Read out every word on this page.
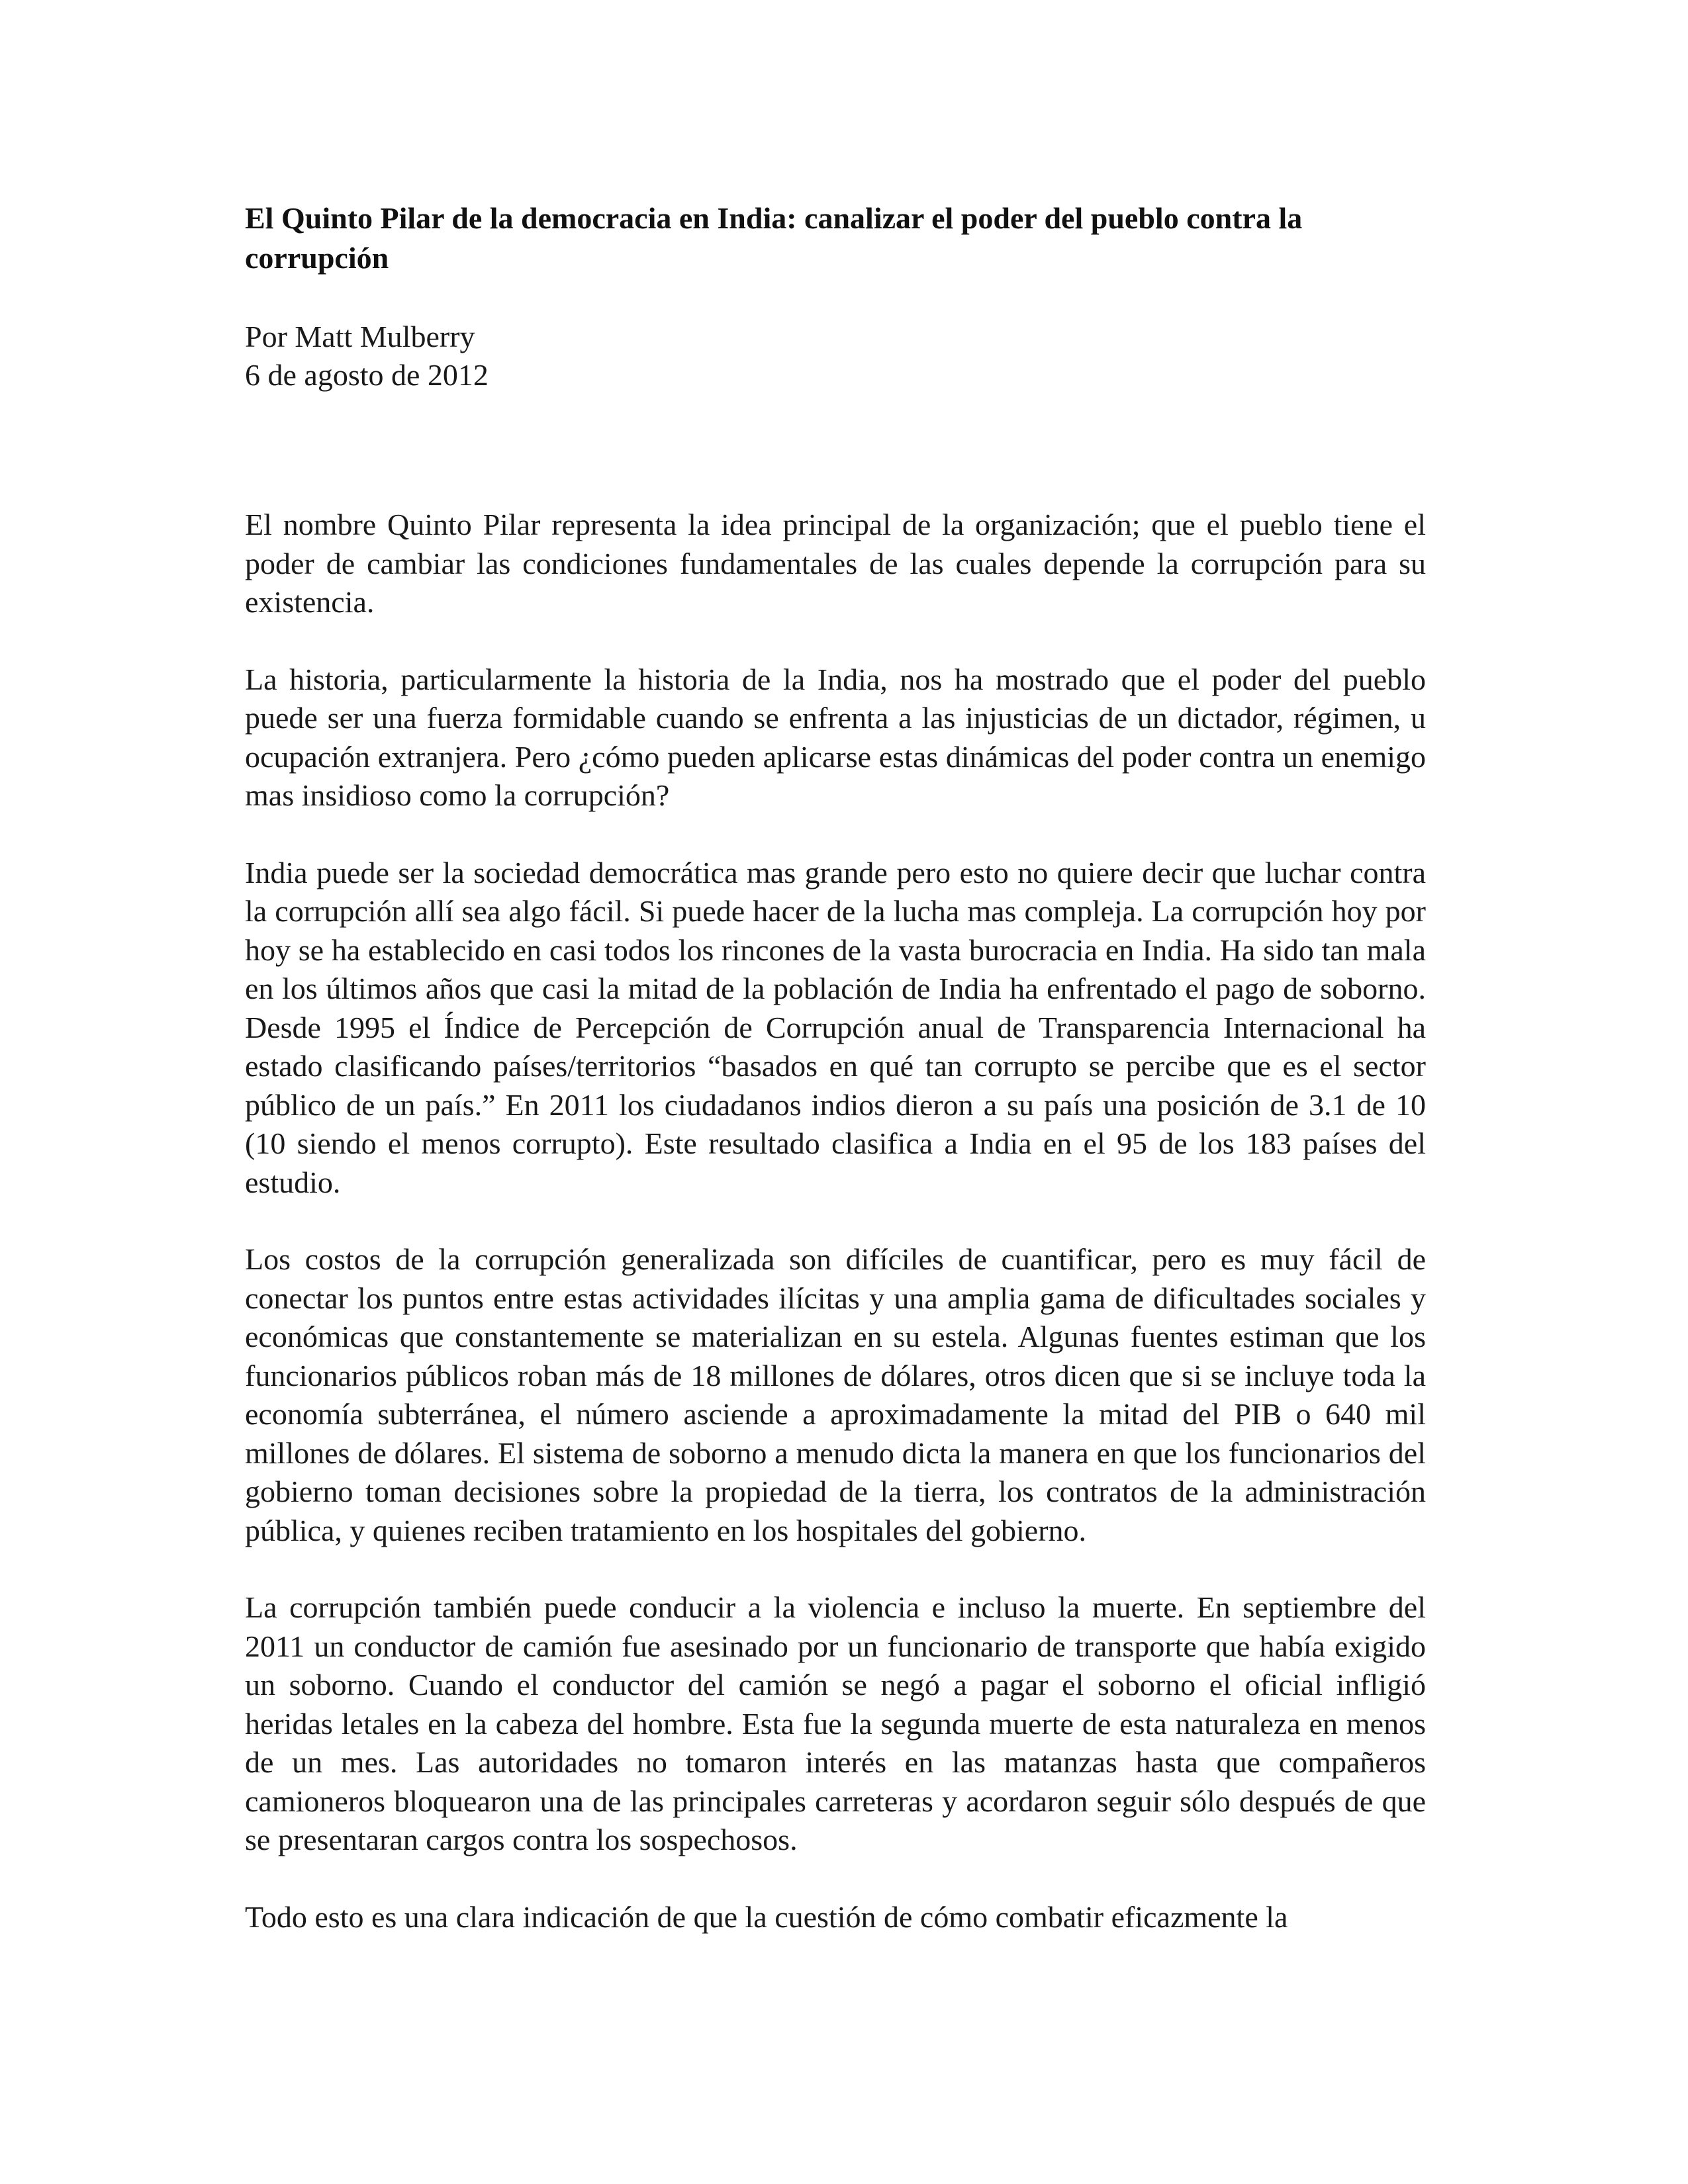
El Quinto Pilar de la democracia en India: canalizar el poder del pueblo contra la corrupción
Por Matt Mulberry
6 de agosto de 2012

El nombre Quinto Pilar representa la idea principal de la organización; que el pueblo tiene el poder de cambiar las condiciones fundamentales de las cuales depende la corrupción para su existencia.

La historia, particularmente la historia de la India, nos ha mostrado que el poder del pueblo puede ser una fuerza formidable cuando se enfrenta a las injusticias de un dictador, régimen, u ocupación extranjera. Pero ¿cómo pueden aplicarse estas dinámicas del poder contra un enemigo mas insidioso como la corrupción?

India puede ser la sociedad democrática mas grande pero esto no quiere decir que luchar contra la corrupción allí sea algo fácil. Si puede hacer de la lucha mas compleja. La corrupción hoy por hoy se ha establecido en casi todos los rincones de la vasta burocracia en India. Ha sido tan mala en los últimos años que casi la mitad de la población de India ha enfrentado el pago de soborno. Desde 1995 el Índice de Percepción de Corrupción anual de Transparencia Internacional ha estado clasificando países/territorios “basados en qué tan corrupto se percibe que es el sector público de un país.” En 2011 los ciudadanos indios dieron a su país una posición de 3.1 de 10 (10 siendo el menos corrupto). Este resultado clasifica a India en el 95 de los 183 países del estudio.

Los costos de la corrupción generalizada son difíciles de cuantificar, pero es muy fácil de conectar los puntos entre estas actividades ilícitas y una amplia gama de dificultades sociales y económicas que constantemente se materializan en su estela. Algunas fuentes estiman que los funcionarios públicos roban más de 18 millones de dólares, otros dicen que si se incluye toda la economía subterránea, el número asciende a aproximadamente la mitad del PIB o 640 mil millones de dólares. El sistema de soborno a menudo dicta la manera en que los funcionarios del gobierno toman decisiones sobre la propiedad de la tierra, los contratos de la administración pública, y quienes reciben tratamiento en los hospitales del gobierno.

La corrupción también puede conducir a la violencia e incluso la muerte. En septiembre del 2011 un conductor de camión fue asesinado por un funcionario de transporte que había exigido un soborno. Cuando el conductor del camión se negó a pagar el soborno el oficial infligió heridas letales en la cabeza del hombre. Esta fue la segunda muerte de esta naturaleza en menos de un mes. Las autoridades no tomaron interés en las matanzas hasta que compañeros camioneros bloquearon una de las principales carreteras y acordaron seguir sólo después de que se presentaran cargos contra los sospechosos.

Todo esto es una clara indicación de que la cuestión de cómo combatir eficazmente la
